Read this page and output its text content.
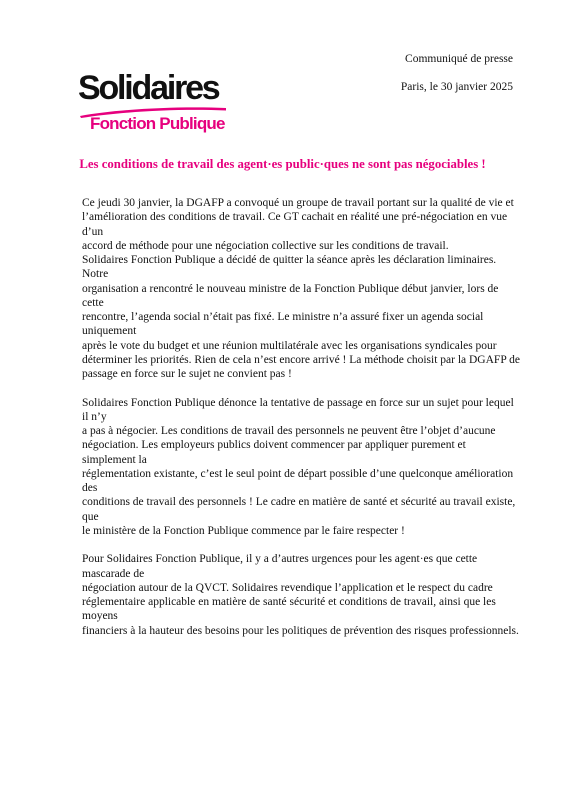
Solidaires
Fonction Publique
Communiqué de presse
Paris, le 30 janvier 2025
Les conditions de travail des agent·es public·ques ne sont pas négociables !

Ce jeudi 30 janvier, la DGAFP a convoqué un groupe de travail portant sur la qualité de vie et
l’amélioration des conditions de travail. Ce GT cachait en réalité une pré-négociation en vue d’un
accord de méthode pour une négociation collective sur les conditions de travail.
Solidaires Fonction Publique a décidé de quitter la séance après les déclaration liminaires. Notre
organisation a rencontré le nouveau ministre de la Fonction Publique début janvier, lors de cette
rencontre, l’agenda social n’était pas fixé. Le ministre n’a assuré fixer un agenda social uniquement
après le vote du budget et une réunion multilatérale avec les organisations syndicales pour
déterminer les priorités. Rien de cela n’est encore arrivé ! La méthode choisit par la DGAFP de
passage en force sur le sujet ne convient pas !

Solidaires Fonction Publique dénonce la tentative de passage en force sur un sujet pour lequel il n’y
a pas à négocier. Les conditions de travail des personnels ne peuvent être l’objet d’aucune
négociation. Les employeurs publics doivent commencer par appliquer purement et simplement la
réglementation existante, c’est le seul point de départ possible d’une quelconque amélioration des
conditions de travail des personnels ! Le cadre en matière de santé et sécurité au travail existe, que
le ministère de la Fonction Publique commence par le faire respecter !

Pour Solidaires Fonction Publique, il y a d’autres urgences pour les agent·es que cette mascarade de
négociation autour de la QVCT. Solidaires revendique l’application et le respect du cadre
réglementaire applicable en matière de santé sécurité et conditions de travail, ainsi que les moyens
financiers à la hauteur des besoins pour les politiques de prévention des risques professionnels.
